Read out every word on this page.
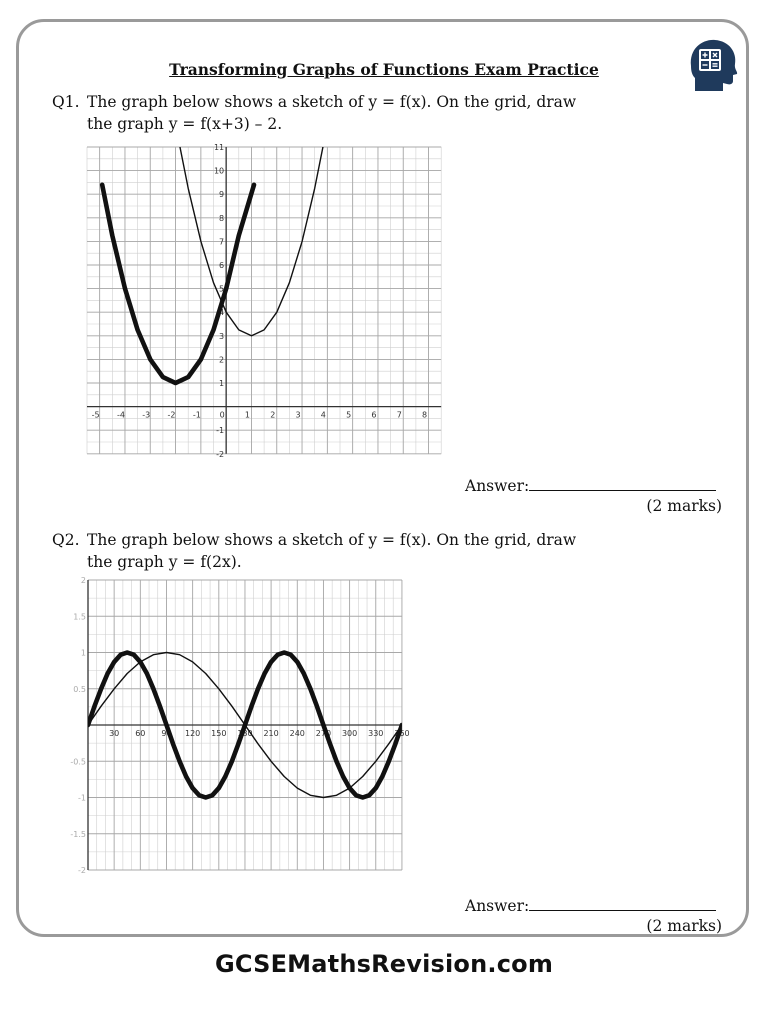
Transforming Graphs of Functions Exam Practice
Q1. The graph below shows a sketch of y = f(x). On the grid, draw
the graph y = f(x+3) – 2.
-5 -4 -3 -2 -1 0	1	2	3	4	5	6	7	8
-2
-1
1
2
3
4
5
6
7
8
9
10
11
Answer:
(2 marks)
Q2. The graph below shows a sketch of y = f(x). On the grid, draw
the graph y = f(2x).
30 60 90 120 150 180 210 240 270 300 330 360
-2
-1.5
-1
-0.5
0.5
1
1.5
2
Answer:
(2 marks)
GCSEMathsRevision.com
